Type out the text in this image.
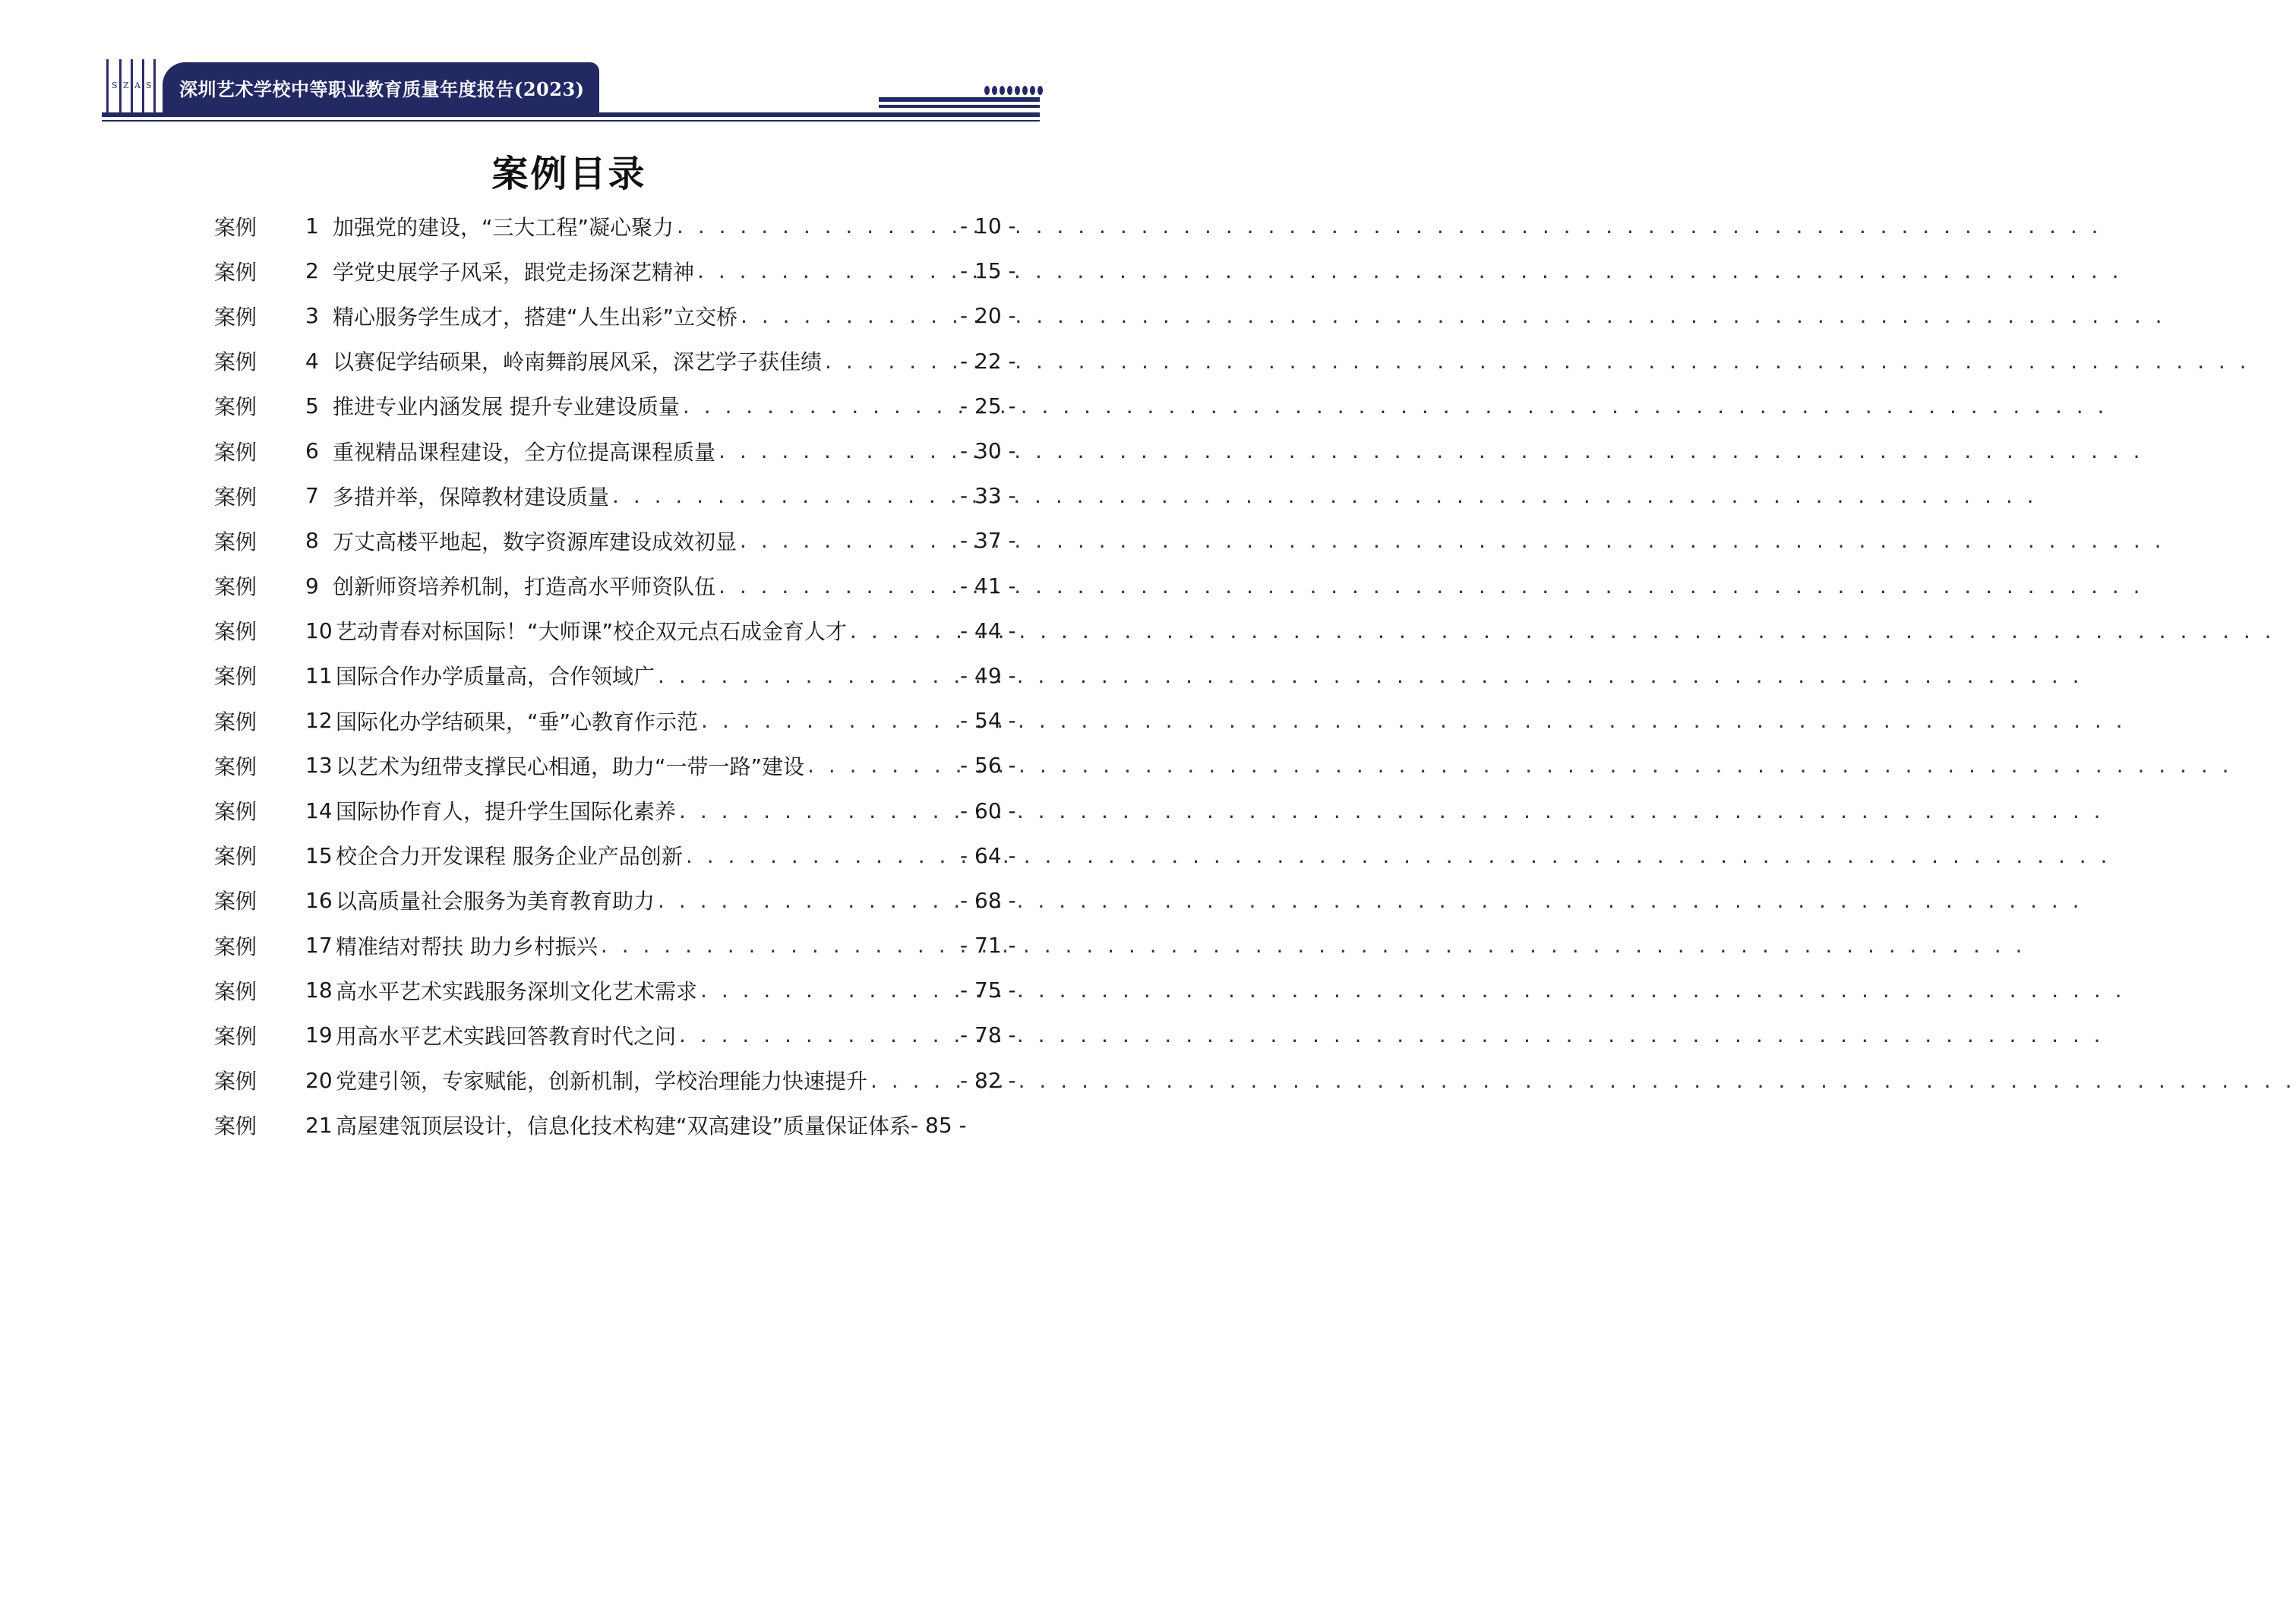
S Z A S 深圳艺术学校中等职业教育质量年度报告(2023)
案例目录
案例	1 加强党的建设，“三大工程”凝心聚力 . . .	- 10 -
案例	2 学党史展学子风采，跟党走扬深艺精神 . . .	- 15 -
案例	3 精心服务学生成才，搭建“人生出彩”立交桥 . . .	- 20 -
案例	4 以赛促学结硕果，岭南舞韵展风采，深艺学子获佳绩 . . .	- 22 -
案例	5 推进专业内涵发展 提升专业建设质量 . . .	- 25 -
案例	6 重视精品课程建设，全方位提高课程质量 . . .	- 30 -
案例	7 多措并举，保障教材建设质量 . . .	- 33 -
案例	8 万丈高楼平地起，数字资源库建设成效初显 . . .	- 37 -
案例	9 创新师资培养机制，打造高水平师资队伍 . . .	- 41 -
案例	10 艺动青春对标国际！“大师课”校企双元点石成金育人才 . . .	- 44 -
案例	11 国际合作办学质量高，合作领域广 . . .	- 49 -
案例	12 国际化办学结硕果，“垂”心教育作示范 . . .	- 54 -
案例	13 以艺术为纽带支撑民心相通，助力“一带一路”建设 . . .	- 56 -
案例	14 国际协作育人，提升学生国际化素养 . . .	- 60 -
案例	15 校企合力开发课程 服务企业产品创新 . . .	- 64 -
案例	16 以高质量社会服务为美育教育助力 . . .	- 68 -
案例	17 精准结对帮扶 助力乡村振兴 . . .	- 71 -
案例	18 高水平艺术实践服务深圳文化艺术需求 . . .	- 75 -
案例	19 用高水平艺术实践回答教育时代之问 . . .	- 78 -
案例	20 党建引领，专家赋能，创新机制，学校治理能力快速提升 . . .	- 82 -
案例	21 高屋建瓴顶层设计，信息化技术构建“双高建设”质量保证体系 - 85 -
